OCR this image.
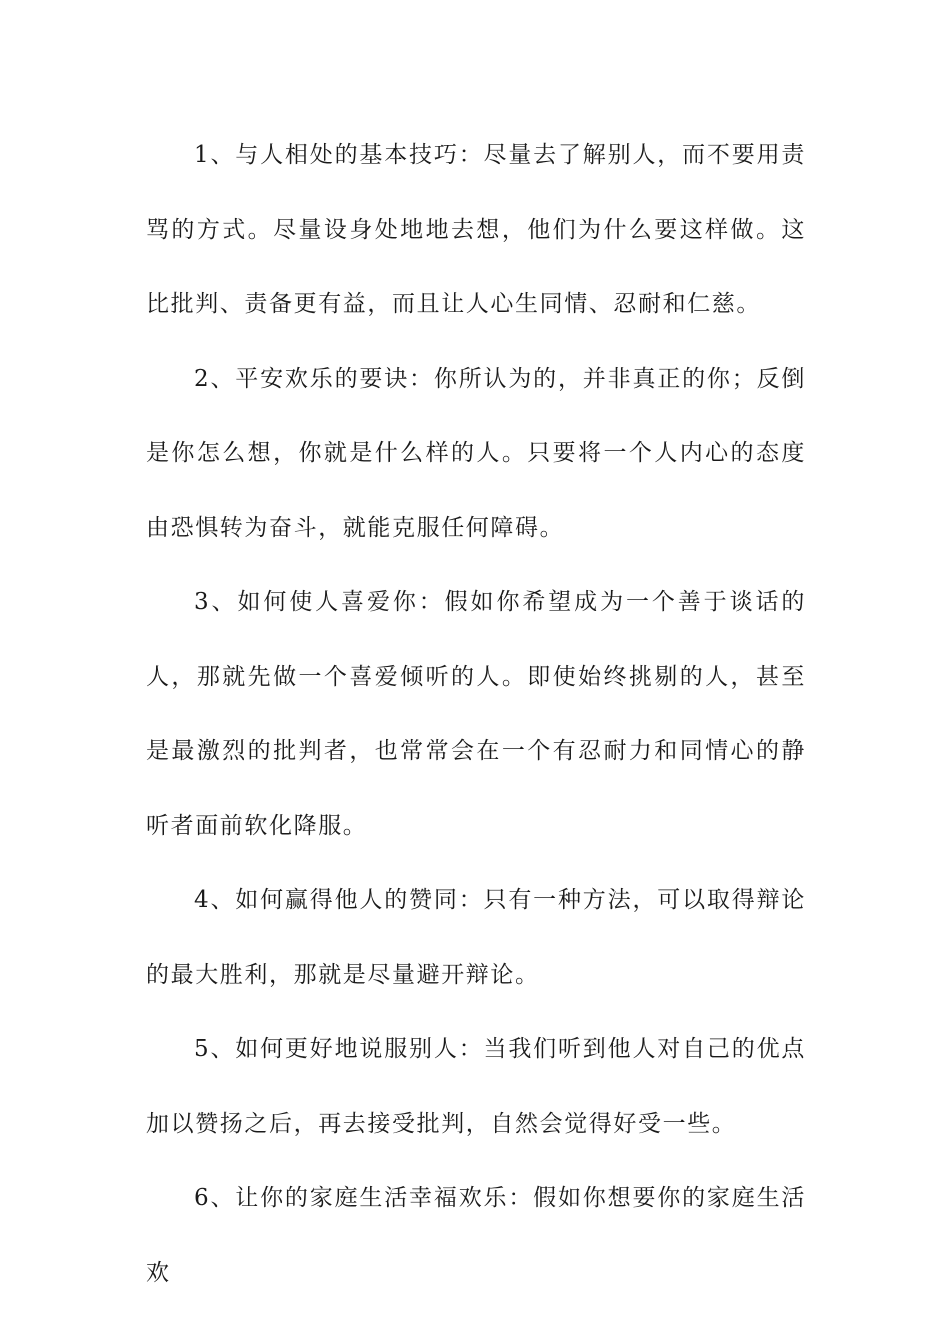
1、与人相处的基本技巧：尽量去了解别人，而不要用责骂的方式。尽量设身处地地去想，他们为什么要这样做。这比批判、责备更有益，而且让人心生同情、忍耐和仁慈。

2、平安欢乐的要诀：你所认为的，并非真正的你；反倒是你怎么想，你就是什么样的人。只要将一个人内心的态度由恐惧转为奋斗，就能克服任何障碍。

3、如何使人喜爱你：假如你希望成为一个善于谈话的人，那就先做一个喜爱倾听的人。即使始终挑剔的人，甚至是最激烈的批判者，也常常会在一个有忍耐力和同情心的静听者面前软化降服。

4、如何赢得他人的赞同：只有一种方法，可以取得辩论的最大胜利，那就是尽量避开辩论。

5、如何更好地说服别人：当我们听到他人对自己的优点加以赞扬之后，再去接受批判，自然会觉得好受一些。

6、让你的家庭生活幸福欢乐：假如你想要你的家庭生活欢
